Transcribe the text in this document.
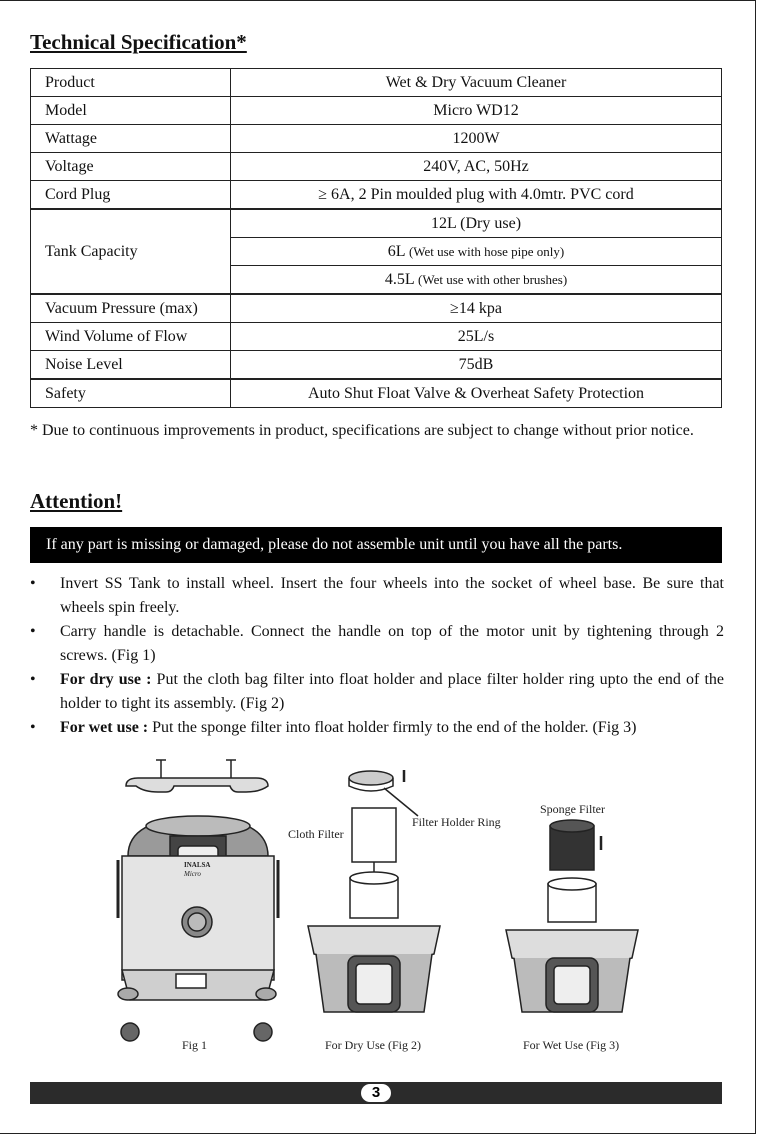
Technical Specification*
Product	Wet & Dry Vacuum Cleaner
Model	Micro WD12
Wattage	1200W
Voltage	240V, AC, 50Hz
Cord Plug	≥ 6A, 2 Pin moulded plug with 4.0mtr. PVC cord
Tank Capacity	12L (Dry use)
	6L (Wet use with hose pipe only)
	4.5L (Wet use with other brushes)
Vacuum Pressure (max)	≥14 kpa
Wind Volume of Flow	25L/s
Noise Level	75dB
Safety	Auto Shut Float Valve & Overheat Safety Protection
* Due to continuous improvements in product, specifications are subject to change without prior notice.
Attention!
If any part is missing or damaged, please do not assemble unit until you have all the parts.
• Invert SS Tank to install wheel. Insert the four wheels into the socket of wheel base. Be sure that wheels spin freely.
• Carry handle is detachable. Connect the handle on top of the motor unit by tightening through 2 screws. (Fig 1)
• For dry use : Put the cloth bag filter into float holder and place filter holder ring upto the end of the holder to tight its assembly. (Fig 2)
• For wet use : Put the sponge filter into float holder firmly to the end of the holder. (Fig 3)
INALSA
Micro
Fig 1
Cloth Filter
Filter Holder Ring
For Dry Use (Fig 2)
Sponge Filter
For Wet Use (Fig 3)
3
